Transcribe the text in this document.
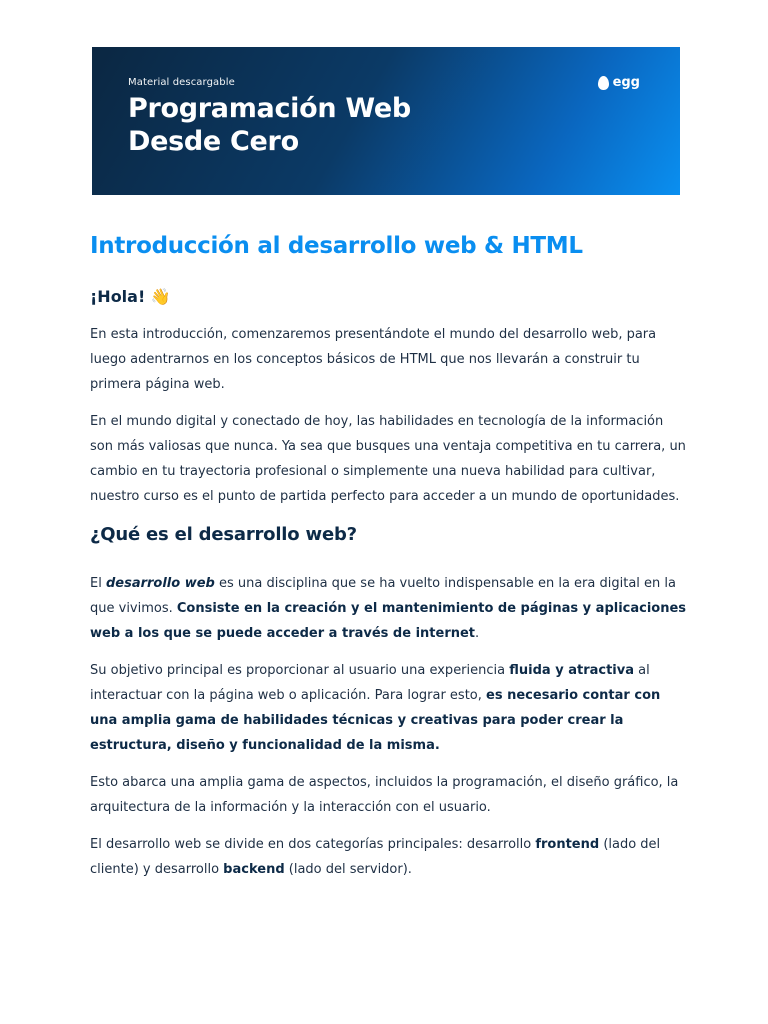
Material descargable
Programación Web
Desde Cero
egg
Introducción al desarrollo web & HTML
¡Hola! 👋

En esta introducción, comenzaremos presentándote el mundo del desarrollo web, para luego adentrarnos en los conceptos básicos de HTML que nos llevarán a construir tu primera página web.

En el mundo digital y conectado de hoy, las habilidades en tecnología de la información son más valiosas que nunca. Ya sea que busques una ventaja competitiva en tu carrera, un cambio en tu trayectoria profesional o simplemente una nueva habilidad para cultivar, nuestro curso es el punto de partida perfecto para acceder a un mundo de oportunidades.

¿Qué es el desarrollo web?

El desarrollo web es una disciplina que se ha vuelto indispensable en la era digital en la que vivimos. Consiste en la creación y el mantenimiento de páginas y aplicaciones web a los que se puede acceder a través de internet.

Su objetivo principal es proporcionar al usuario una experiencia fluida y atractiva al interactuar con la página web o aplicación. Para lograr esto, es necesario contar con una amplia gama de habilidades técnicas y creativas para poder crear la estructura, diseño y funcionalidad de la misma.

Esto abarca una amplia gama de aspectos, incluidos la programación, el diseño gráfico, la arquitectura de la información y la interacción con el usuario.

El desarrollo web se divide en dos categorías principales: desarrollo frontend (lado del cliente) y desarrollo backend (lado del servidor).
